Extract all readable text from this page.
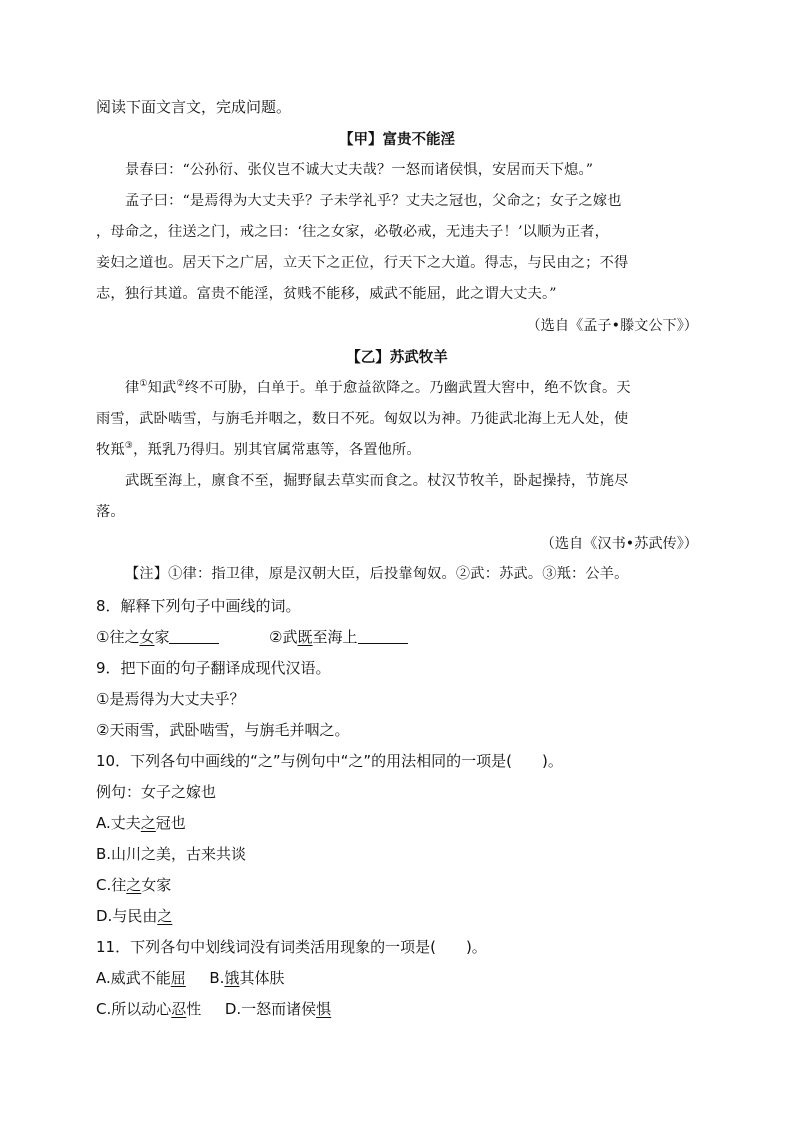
阅读下面文言文，完成问题。
【甲】富贵不能淫
景春曰：“公孙衍、张仪岂不诚大丈夫哉？一怒而诸侯惧，安居而天下熄。”
孟子曰：“是焉得为大丈夫乎？子未学礼乎？丈夫之冠也，父命之；女子之嫁也
，母命之，往送之门，戒之曰：‘往之女家，必敬必戒，无违夫子！’以顺为正者，
妾妇之道也。居天下之广居，立天下之正位，行天下之大道。得志，与民由之；不得
志，独行其道。富贵不能淫，贫贱不能移，威武不能屈，此之谓大丈夫。”
（选自《孟子•滕文公下》）
【乙】苏武牧羊
律①知武②终不可胁，白单于。单于愈益欲降之。乃幽武置大窖中，绝不饮食。天
雨雪，武卧啮雪，与旃毛并咽之，数日不死。匈奴以为神。乃徙武北海上无人处，使
牧羝③，羝乳乃得归。别其官属常惠等，各置他所。
武既至海上，廪食不至，掘野鼠去草实而食之。杖汉节牧羊，卧起操持，节旄尽
落。
（选自《汉书•苏武传》）
【注】①律：指卫律，原是汉朝大臣，后投靠匈奴。②武：苏武。③羝：公羊。
8．解释下列句子中画线的词。
①往之女家	②武既至海上
9．把下面的句子翻译成现代汉语。
①是焉得为大丈夫乎？
②天雨雪，武卧啮雪，与旃毛并咽之。
10．下列各句中画线的“之”与例句中“之”的用法相同的一项是(　　)。
例句：女子之嫁也
A.丈夫之冠也
B.山川之美，古来共谈
C.往之女家
D.与民由之
11．下列各句中划线词没有词类活用现象的一项是(　　)。
A.威武不能屈 B.饿其体肤
C.所以动心忍性 D.一怒而诸侯惧
